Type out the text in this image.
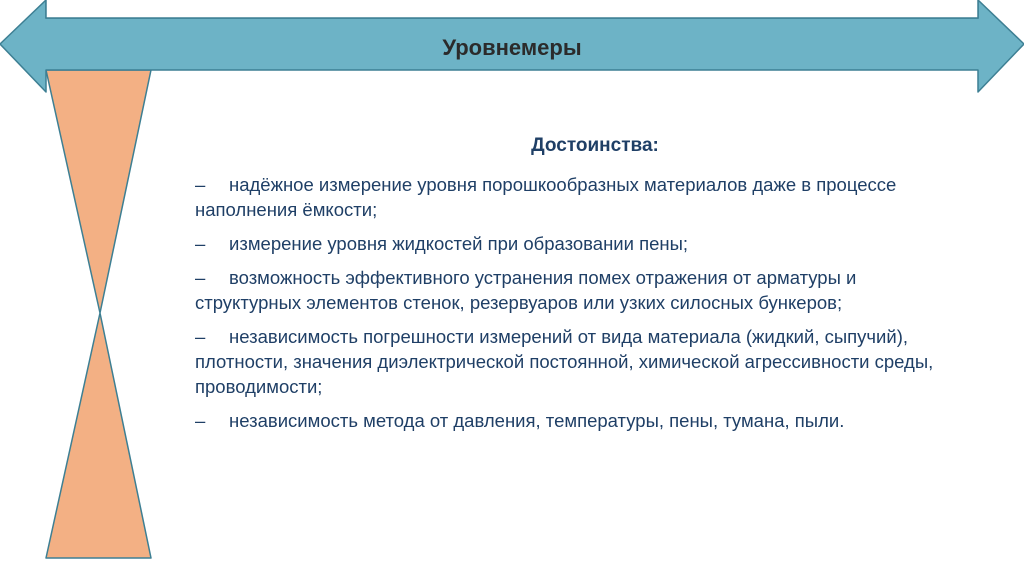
Уровнемеры
Достоинства:
– надёжное измерение уровня порошкообразных материалов даже в процессе наполнения ёмкости;
– измерение уровня жидкостей при образовании пены;
– возможность эффективного устранения помех отражения от арматуры и структурных элементов стенок, резервуаров или узких силосных бункеров;
– независимость погрешности измерений от вида материала (жидкий, сыпучий), плотности, значения диэлектрической постоянной, химической агрессивности среды, проводимости;
– независимость метода от давления, температуры, пены, тумана, пыли.
